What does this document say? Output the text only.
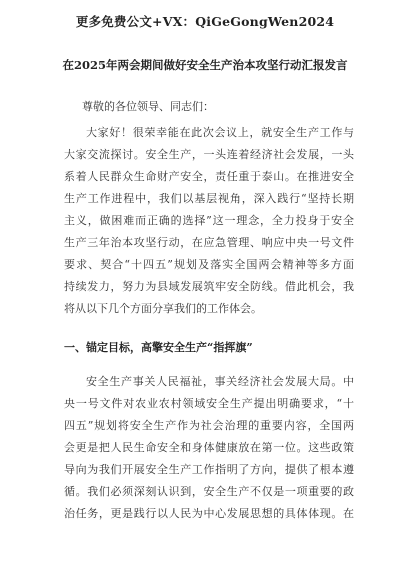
更多免费公文+VX：QiGeGongWen2024
在2025年两会期间做好安全生产治本攻坚行动汇报发言
尊敬的各位领导、同志们：
大家好！很荣幸能在此次会议上，就安全生产工作与
大家交流探讨。安全生产，一头连着经济社会发展，一头
系着人民群众生命财产安全，责任重于泰山。在推进安全
生产工作进程中，我们以基层视角，深入践行“坚持长期
主义，做困难而正确的选择”这一理念，全力投身于安全
生产三年治本攻坚行动，在应急管理、响应中央一号文件
要求、契合“十四五”规划及落实全国两会精神等多方面
持续发力，努力为县域发展筑牢安全防线。借此机会，我
将从以下几个方面分享我们的工作体会。
一、锚定目标，高擎安全生产“指挥旗”
安全生产事关人民福祉，事关经济社会发展大局。中
央一号文件对农业农村领域安全生产提出明确要求，“十
四五”规划将安全生产作为社会治理的重要内容，全国两
会更是把人民生命安全和身体健康放在第一位。这些政策
导向为我们开展安全生产工作指明了方向，提供了根本遵
循。我们必须深刻认识到，安全生产不仅是一项重要的政
治任务，更是践行以人民为中心发展思想的具体体现。在
